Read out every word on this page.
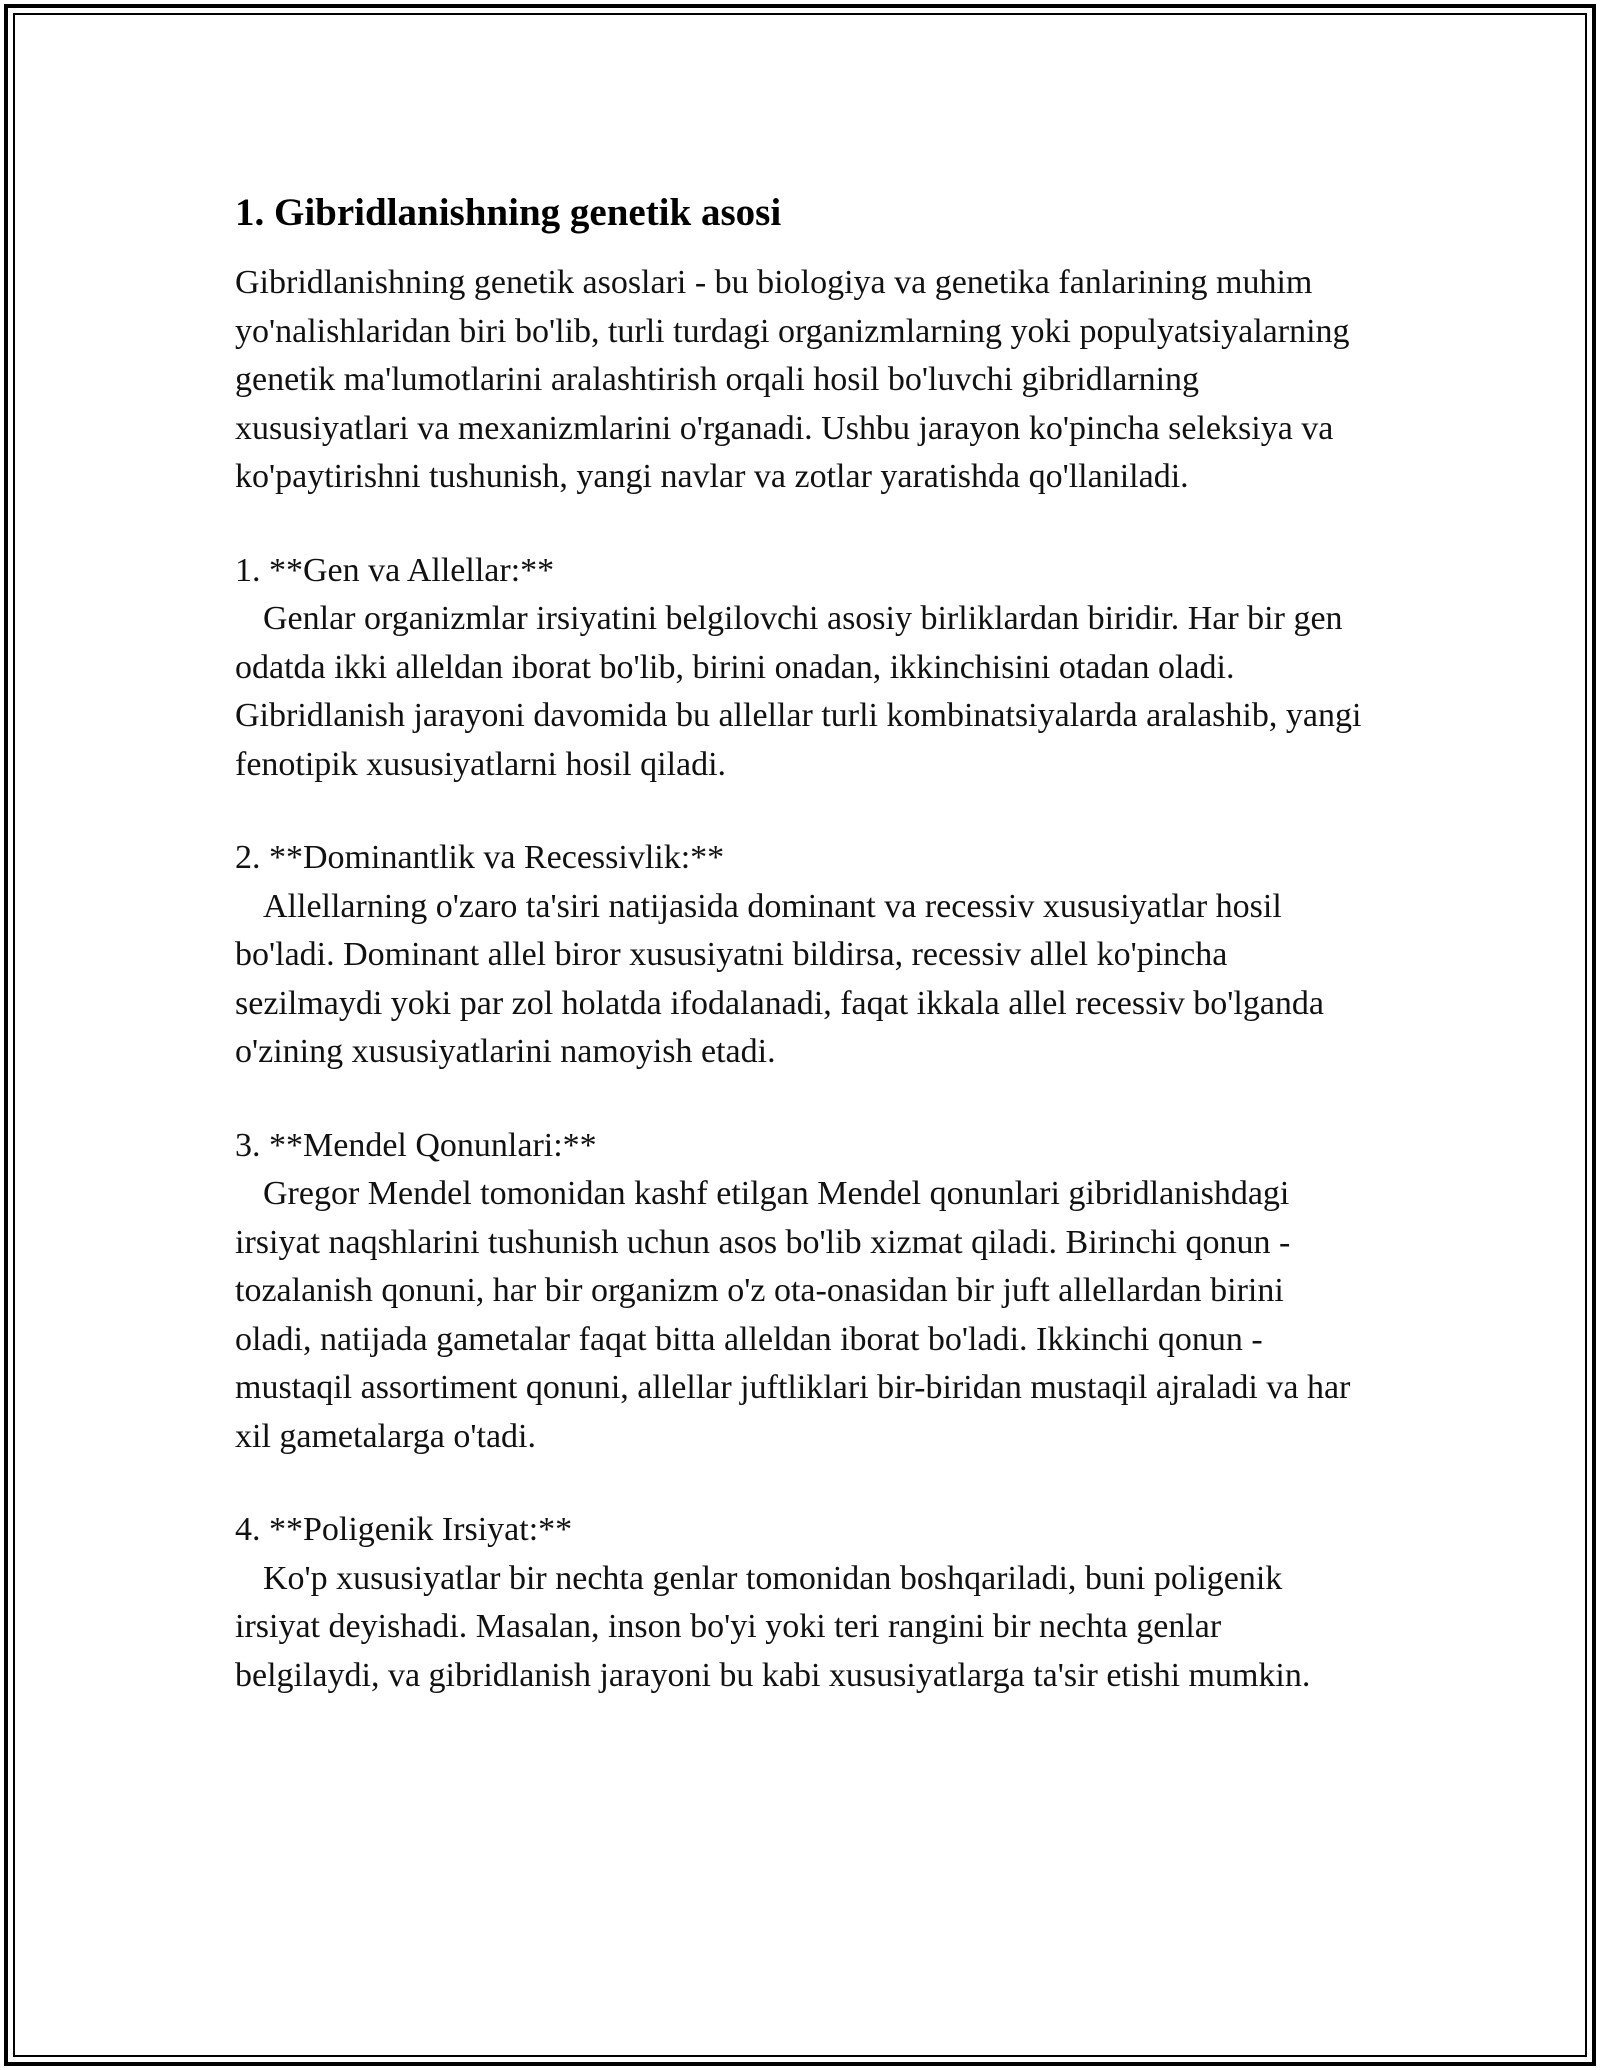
1. Gibridlanishning genetik asosi

Gibridlanishning genetik asoslari - bu biologiya va genetika fanlarining muhim yo'nalishlaridan biri bo'lib, turli turdagi organizmlarning yoki populyatsiyalarning genetik ma'lumotlarini aralashtirish orqali hosil bo'luvchi gibridlarning xususiyatlari va mexanizmlarini o'rganadi. Ushbu jarayon ko'pincha seleksiya va ko'paytirishni tushunish, yangi navlar va zotlar yaratishda qo'llaniladi.

1. **Gen va Allellar:**

Genlar organizmlar irsiyatini belgilovchi asosiy birliklardan biridir. Har bir gen odatda ikki alleldan iborat bo'lib, birini onadan, ikkinchisini otadan oladi. Gibridlanish jarayoni davomida bu allellar turli kombinatsiyalarda aralashib, yangi fenotipik xususiyatlarni hosil qiladi.

2. **Dominantlik va Recessivlik:**

Allellarning o'zaro ta'siri natijasida dominant va recessiv xususiyatlar hosil bo'ladi. Dominant allel biror xususiyatni bildirsa, recessiv allel ko'pincha sezilmaydi yoki par zol holatda ifodalanadi, faqat ikkala allel recessiv bo'lganda o'zining xususiyatlarini namoyish etadi.

3. **Mendel Qonunlari:**

Gregor Mendel tomonidan kashf etilgan Mendel qonunlari gibridlanishdagi irsiyat naqshlarini tushunish uchun asos bo'lib xizmat qiladi. Birinchi qonun - tozalanish qonuni, har bir organizm o'z ota-onasidan bir juft allellardan birini oladi, natijada gametalar faqat bitta alleldan iborat bo'ladi. Ikkinchi qonun - mustaqil assortiment qonuni, allellar juftliklari bir-biridan mustaqil ajraladi va har xil gametalarga o'tadi.

4. **Poligenik Irsiyat:**

Ko'p xususiyatlar bir nechta genlar tomonidan boshqariladi, buni poligenik irsiyat deyishadi. Masalan, inson bo'yi yoki teri rangini bir nechta genlar belgilaydi, va gibridlanish jarayoni bu kabi xususiyatlarga ta'sir etishi mumkin.
